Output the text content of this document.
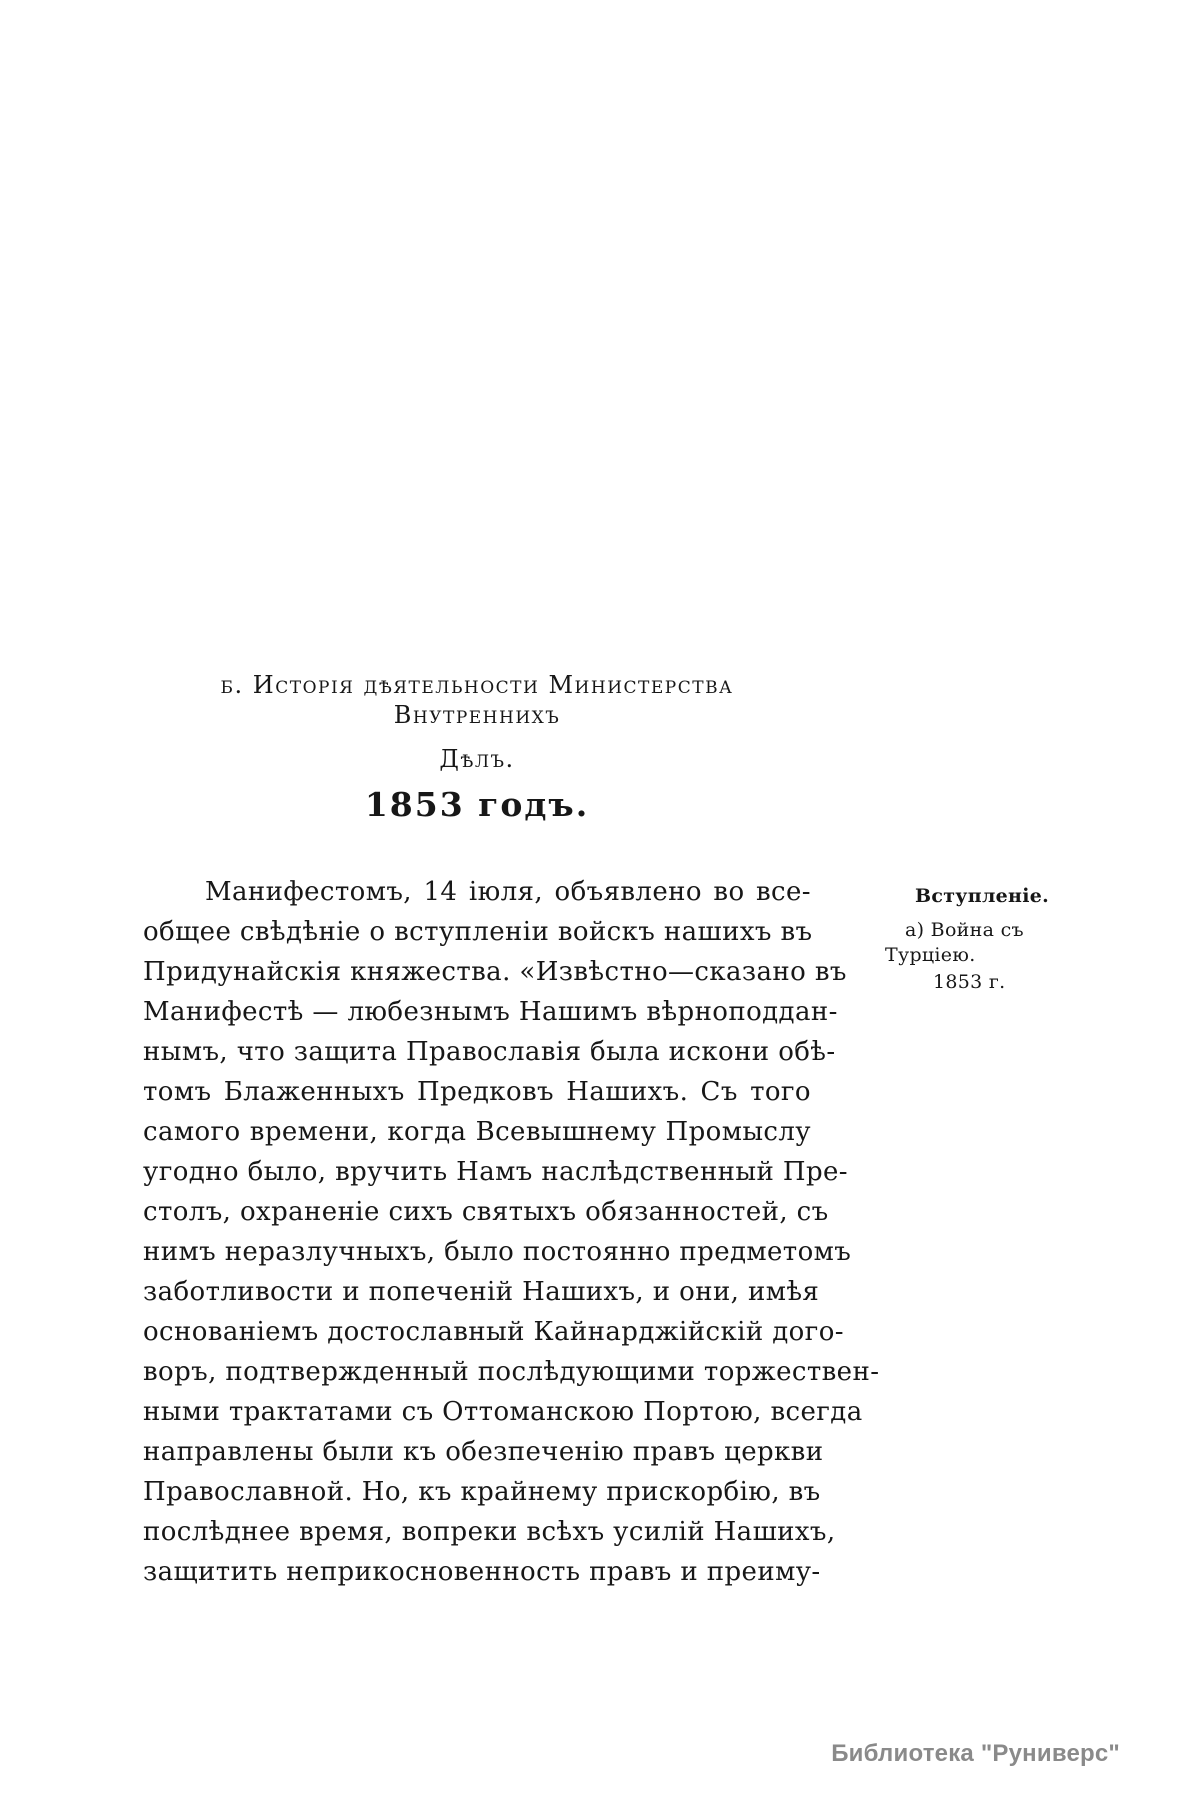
б. Исторія дѣятельности Министерства Внутреннихъ
Дѣлъ.
1853 годъ.
Манифестомъ, 14 іюля, объявлено во все-
общее свѣдѣніе о вступленіи войскъ нашихъ въ
Придунайскія княжества. «Извѣстно—сказано въ
Манифестѣ — любезнымъ Нашимъ вѣрноподдан-
нымъ, что защита Православія была искони обѣ-
томъ Блаженныхъ Предковъ Нашихъ. Съ того
самого времени, когда Всевышнему Промыслу
угодно было, вручить Намъ наслѣдственный Пре-
столъ, охраненіе сихъ святыхъ обязанностей, съ
нимъ неразлучныхъ, было постоянно предметомъ
заботливости и попеченій Нашихъ, и они, имѣя
основаніемъ достославный Кайнарджійскій дого-
воръ, подтвержденный послѣдующими торжествен-
ными трактатами съ Оттоманскою Портою, всегда
направлены были къ обезпеченію правъ церкви
Православной. Но, къ крайнему прискорбію, въ
послѣднее время, вопреки всѣхъ усилій Нашихъ,
защитить неприкосновенность правъ и преиму-
Вступленіе.
а) Война съ
Турціею.
1853 г.
Библиотека "Руниверс"
